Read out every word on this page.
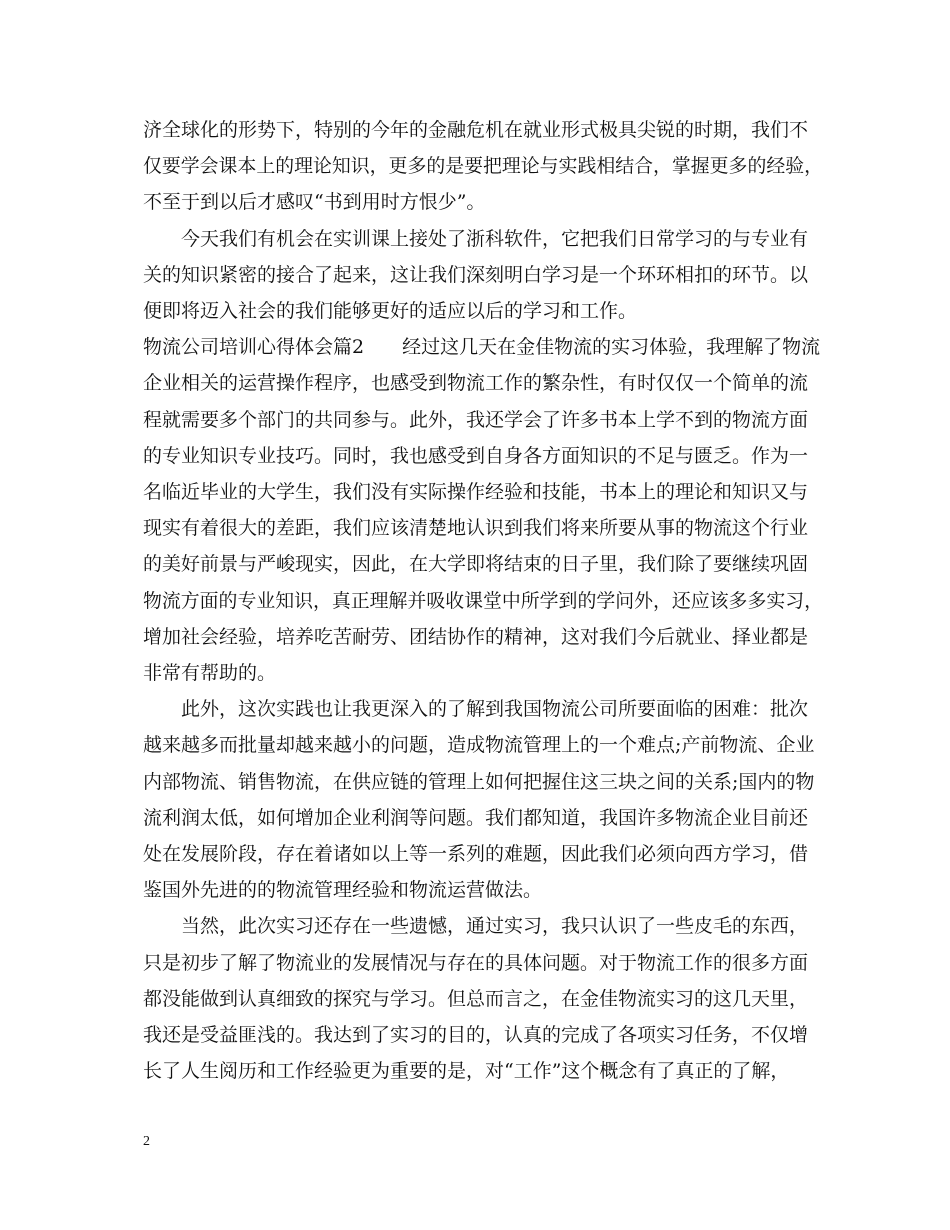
济全球化的形势下，特别的今年的金融危机在就业形式极具尖锐的时期，我们不
仅要学会课本上的理论知识，更多的是要把理论与实践相结合，掌握更多的经验，
不至于到以后才感叹“书到用时方恨少”。
　　今天我们有机会在实训课上接处了浙科软件，它把我们日常学习的与专业有
关的知识紧密的接合了起来，这让我们深刻明白学习是一个环环相扣的环节。以
便即将迈入社会的我们能够更好的适应以后的学习和工作。
物流公司培训心得体会篇2　　经过这几天在金佳物流的实习体验，我理解了物流
企业相关的运营操作程序，也感受到物流工作的繁杂性，有时仅仅一个简单的流
程就需要多个部门的共同参与。此外，我还学会了许多书本上学不到的物流方面
的专业知识专业技巧。同时，我也感受到自身各方面知识的不足与匮乏。作为一
名临近毕业的大学生，我们没有实际操作经验和技能，书本上的理论和知识又与
现实有着很大的差距，我们应该清楚地认识到我们将来所要从事的物流这个行业
的美好前景与严峻现实，因此，在大学即将结束的日子里，我们除了要继续巩固
物流方面的专业知识，真正理解并吸收课堂中所学到的学问外，还应该多多实习，
增加社会经验，培养吃苦耐劳、团结协作的精神，这对我们今后就业、择业都是
非常有帮助的。
　　此外，这次实践也让我更深入的了解到我国物流公司所要面临的困难：批次
越来越多而批量却越来越小的问题，造成物流管理上的一个难点;产前物流、企业
内部物流、销售物流，在供应链的管理上如何把握住这三块之间的关系;国内的物
流利润太低，如何增加企业利润等问题。我们都知道，我国许多物流企业目前还
处在发展阶段，存在着诸如以上等一系列的难题，因此我们必须向西方学习，借
鉴国外先进的的物流管理经验和物流运营做法。
　　当然，此次实习还存在一些遗憾，通过实习，我只认识了一些皮毛的东西，
只是初步了解了物流业的发展情况与存在的具体问题。对于物流工作的很多方面
都没能做到认真细致的探究与学习。但总而言之，在金佳物流实习的这几天里，
我还是受益匪浅的。我达到了实习的目的，认真的完成了各项实习任务，不仅增
长了人生阅历和工作经验更为重要的是，对“工作”这个概念有了真正的了解，
2
